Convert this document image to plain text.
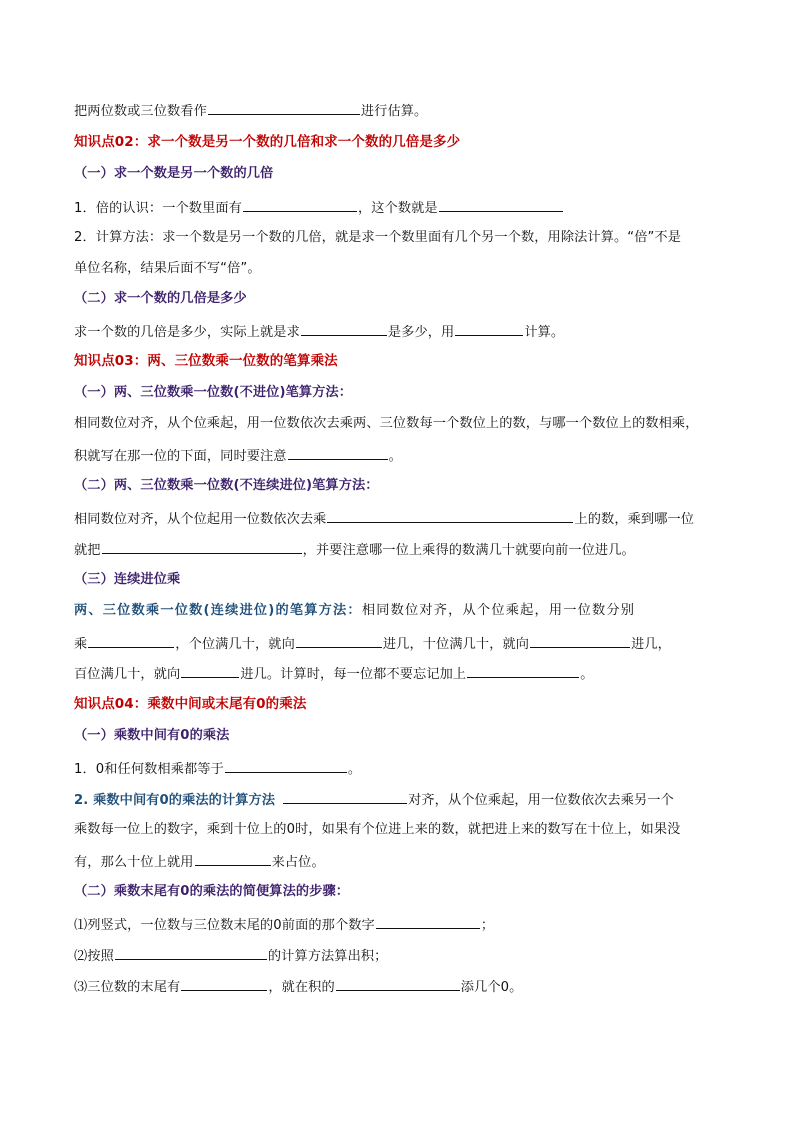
把两位数或三位数看作	进行估算。
知识点02：求一个数是另一个数的几倍和求一个数的几倍是多少
（一）求一个数是另一个数的几倍
1．倍的认识：一个数里面有	，这个数就是
2．计算方法：求一个数是另一个数的几倍，就是求一个数里面有几个另一个数，用除法计算。“倍”不是
单位名称，结果后面不写“倍”。
（二）求一个数的几倍是多少
求一个数的几倍是多少，实际上就是求	是多少，用	计算。
知识点03：两、三位数乘一位数的笔算乘法
（一）两、三位数乘一位数(不进位)笔算方法：
相同数位对齐，从个位乘起，用一位数依次去乘两、三位数每一个数位上的数，与哪一个数位上的数相乘，
积就写在那一位的下面，同时要注意	。
（二）两、三位数乘一位数(不连续进位)笔算方法：
相同数位对齐，从个位起用一位数依次去乘	上的数，乘到哪一位
就把	，并要注意哪一位上乘得的数满几十就要向前一位进几。
（三）连续进位乘
两、三位数乘一位数(连续进位)的笔算方法：相同数位对齐，从个位乘起，用一位数分别
乘	，个位满几十，就向	进几，十位满几十，就向	进几，
百位满几十，就向	进几。计算时，每一位都不要忘记加上	。
知识点04：乘数中间或末尾有0的乘法
（一）乘数中间有0的乘法
1．0和任何数相乘都等于	。
2. 乘数中间有0的乘法的计算方法	对齐，从个位乘起，用一位数依次去乘另一个
乘数每一位上的数字，乘到十位上的0时，如果有个位进上来的数，就把进上来的数写在十位上，如果没
有，那么十位上就用	来占位。
（二）乘数末尾有0的乘法的简便算法的步骤：
⑴列竖式，一位数与三位数末尾的0前面的那个数字	；
⑵按照	的计算方法算出积；
⑶三位数的末尾有	，就在积的	添几个0。
